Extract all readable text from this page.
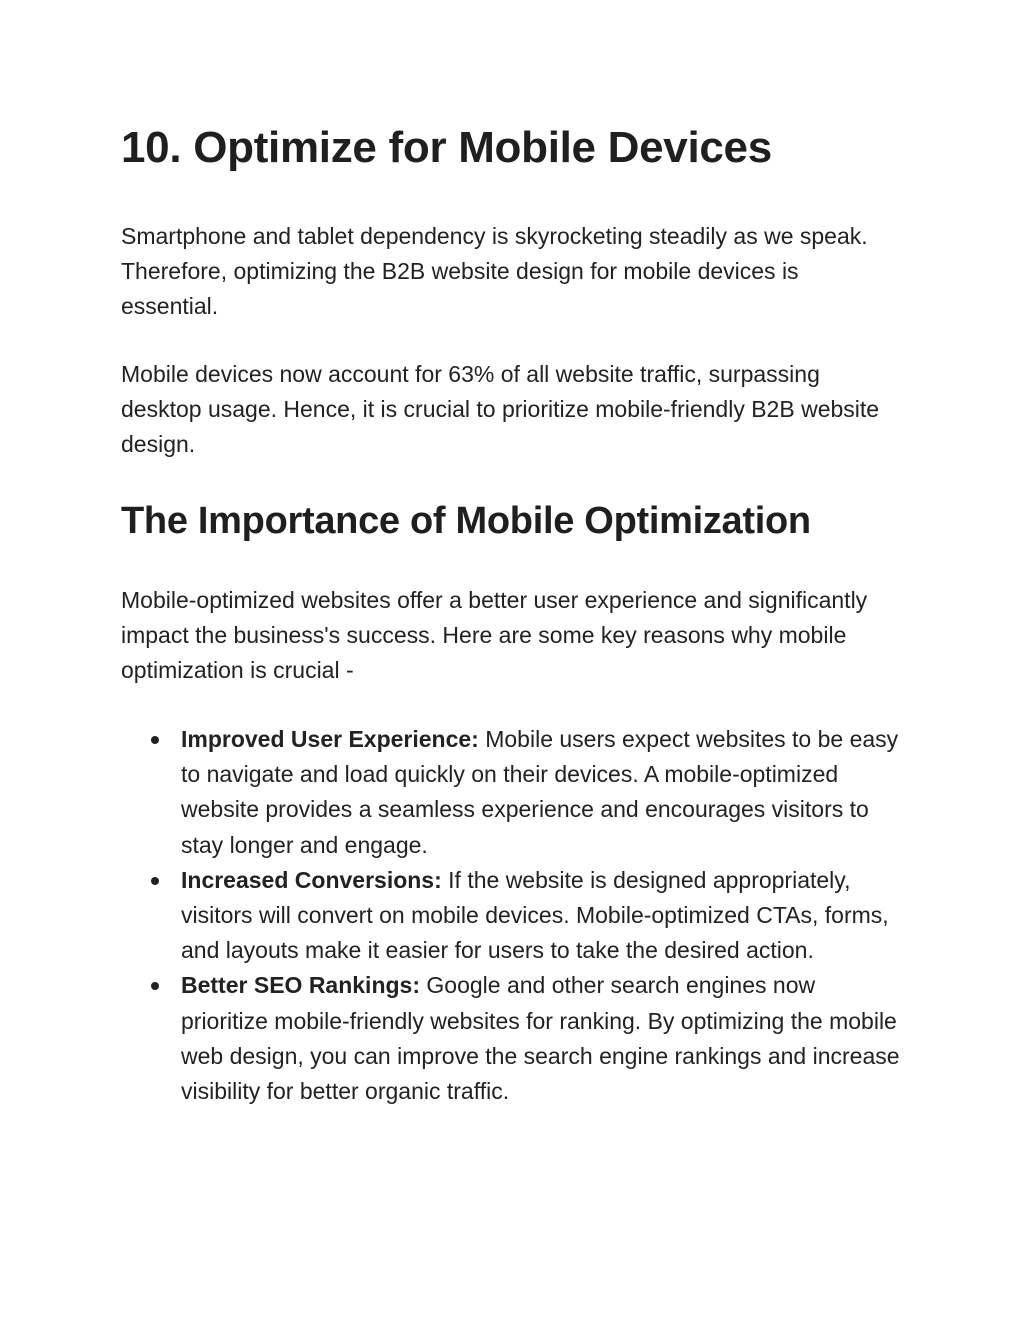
10. Optimize for Mobile Devices

Smartphone and tablet dependency is skyrocketing steadily as we speak. Therefore, optimizing the B2B website design for mobile devices is essential.

Mobile devices now account for 63% of all website traffic, surpassing desktop usage. Hence, it is crucial to prioritize mobile-friendly B2B website design.

The Importance of Mobile Optimization

Mobile-optimized websites offer a better user experience and significantly impact the business's success. Here are some key reasons why mobile optimization is crucial -

Improved User Experience: Mobile users expect websites to be easy to navigate and load quickly on their devices. A mobile-optimized website provides a seamless experience and encourages visitors to stay longer and engage.
Increased Conversions: If the website is designed appropriately, visitors will convert on mobile devices. Mobile-optimized CTAs, forms, and layouts make it easier for users to take the desired action.
Better SEO Rankings: Google and other search engines now prioritize mobile-friendly websites for ranking. By optimizing the mobile web design, you can improve the search engine rankings and increase visibility for better organic traffic.
